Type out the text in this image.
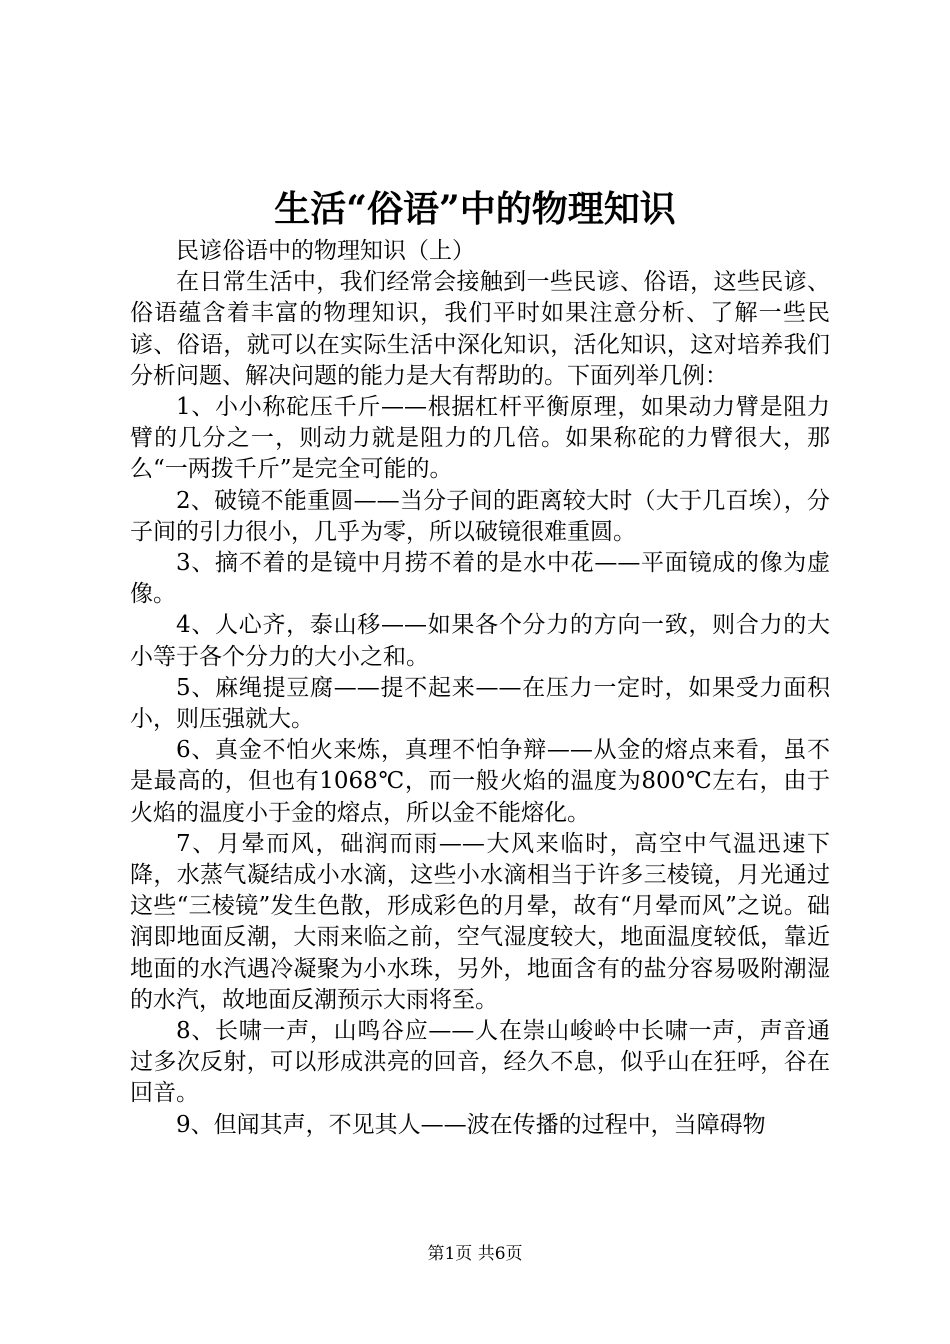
生活“俗语”中的物理知识

民谚俗语中的物理知识（上）

在日常生活中，我们经常会接触到一些民谚、俗语，这些民谚、俗语蕴含着丰富的物理知识，我们平时如果注意分析、了解一些民谚、俗语，就可以在实际生活中深化知识，活化知识，这对培养我们分析问题、解决问题的能力是大有帮助的。下面列举几例：

1、小小称砣压千斤——根据杠杆平衡原理，如果动力臂是阻力臂的几分之一，则动力就是阻力的几倍。如果称砣的力臂很大，那么“一两拨千斤”是完全可能的。

2、破镜不能重圆——当分子间的距离较大时（大于几百埃），分子间的引力很小，几乎为零，所以破镜很难重圆。

3、摘不着的是镜中月捞不着的是水中花——平面镜成的像为虚像。

4、人心齐，泰山移——如果各个分力的方向一致，则合力的大小等于各个分力的大小之和。

5、麻绳提豆腐——提不起来——在压力一定时，如果受力面积小，则压强就大。

6、真金不怕火来炼，真理不怕争辩——从金的熔点来看，虽不是最高的，但也有1068℃，而一般火焰的温度为800℃左右，由于火焰的温度小于金的熔点，所以金不能熔化。

7、月晕而风，础润而雨——大风来临时，高空中气温迅速下降，水蒸气凝结成小水滴，这些小水滴相当于许多三棱镜，月光通过这些“三棱镜”发生色散，形成彩色的月晕，故有“月晕而风”之说。础润即地面反潮，大雨来临之前，空气湿度较大，地面温度较低，靠近地面的水汽遇冷凝聚为小水珠，另外，地面含有的盐分容易吸附潮湿的水汽，故地面反潮预示大雨将至。

8、长啸一声，山鸣谷应——人在崇山峻岭中长啸一声，声音通过多次反射，可以形成洪亮的回音，经久不息，似乎山在狂呼，谷在回音。

9、但闻其声，不见其人——波在传播的过程中，当障碍物

第1页 共6页
